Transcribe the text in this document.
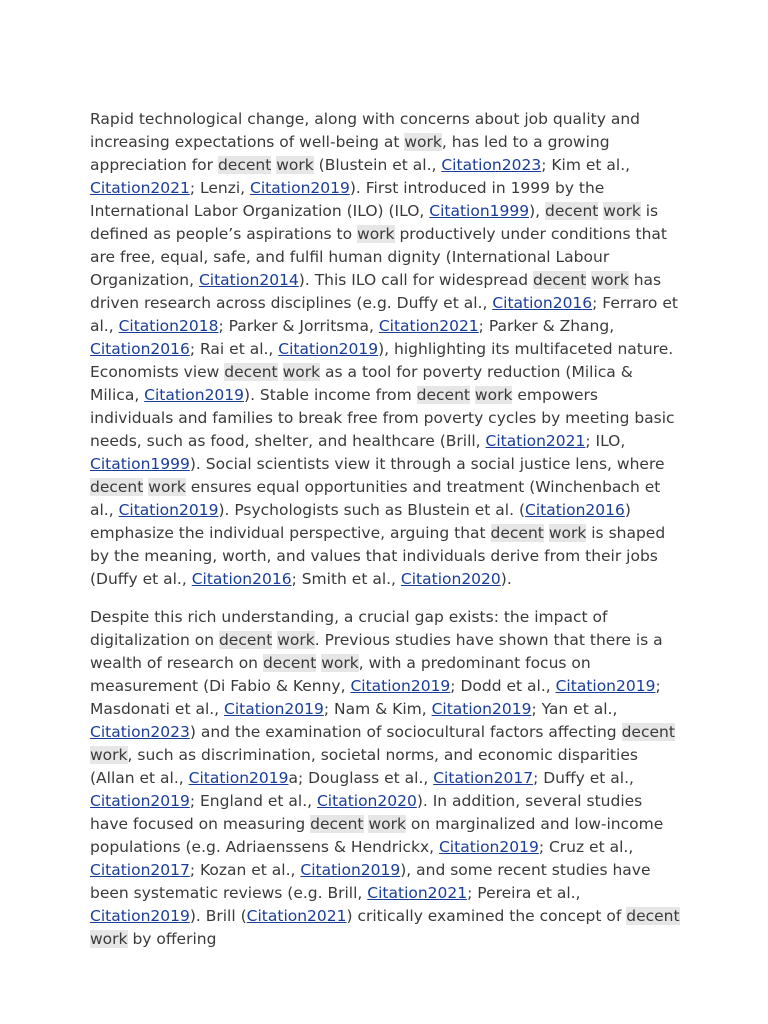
Rapid technological change, along with concerns about job quality and increasing expectations of well-being at work, has led to a growing appreciation for decent work (Blustein et al., Citation2023; Kim et al., Citation2021; Lenzi, Citation2019). First introduced in 1999 by the International Labor Organization (ILO) (ILO, Citation1999), decent work is defined as people’s aspirations to work productively under conditions that are free, equal, safe, and fulfil human dignity (International Labour Organization, Citation2014). This ILO call for widespread decent work has driven research across disciplines (e.g. Duffy et al., Citation2016; Ferraro et al., Citation2018; Parker & Jorritsma, Citation2021; Parker & Zhang, Citation2016; Rai et al., Citation2019), highlighting its multifaceted nature. Economists view decent work as a tool for poverty reduction (Milica & Milica, Citation2019). Stable income from decent work empowers individuals and families to break free from poverty cycles by meeting basic needs, such as food, shelter, and healthcare (Brill, Citation2021; ILO, Citation1999). Social scientists view it through a social justice lens, where decent work ensures equal opportunities and treatment (Winchenbach et al., Citation2019). Psychologists such as Blustein et al. (Citation2016) emphasize the individual perspective, arguing that decent work is shaped by the meaning, worth, and values that individuals derive from their jobs (Duffy et al., Citation2016; Smith et al., Citation2020).

Despite this rich understanding, a crucial gap exists: the impact of digitalization on decent work. Previous studies have shown that there is a wealth of research on decent work, with a predominant focus on measurement (Di Fabio & Kenny, Citation2019; Dodd et al., Citation2019; Masdonati et al., Citation2019; Nam & Kim, Citation2019; Yan et al., Citation2023) and the examination of sociocultural factors affecting decent work, such as discrimination, societal norms, and economic disparities (Allan et al., Citation2019a; Douglass et al., Citation2017; Duffy et al., Citation2019; England et al., Citation2020). In addition, several studies have focused on measuring decent work on marginalized and low-income populations (e.g. Adriaenssens & Hendrickx, Citation2019; Cruz et al., Citation2017; Kozan et al., Citation2019), and some recent studies have been systematic reviews (e.g. Brill, Citation2021; Pereira et al., Citation2019). Brill (Citation2021) critically examined the concept of decent work by offering
